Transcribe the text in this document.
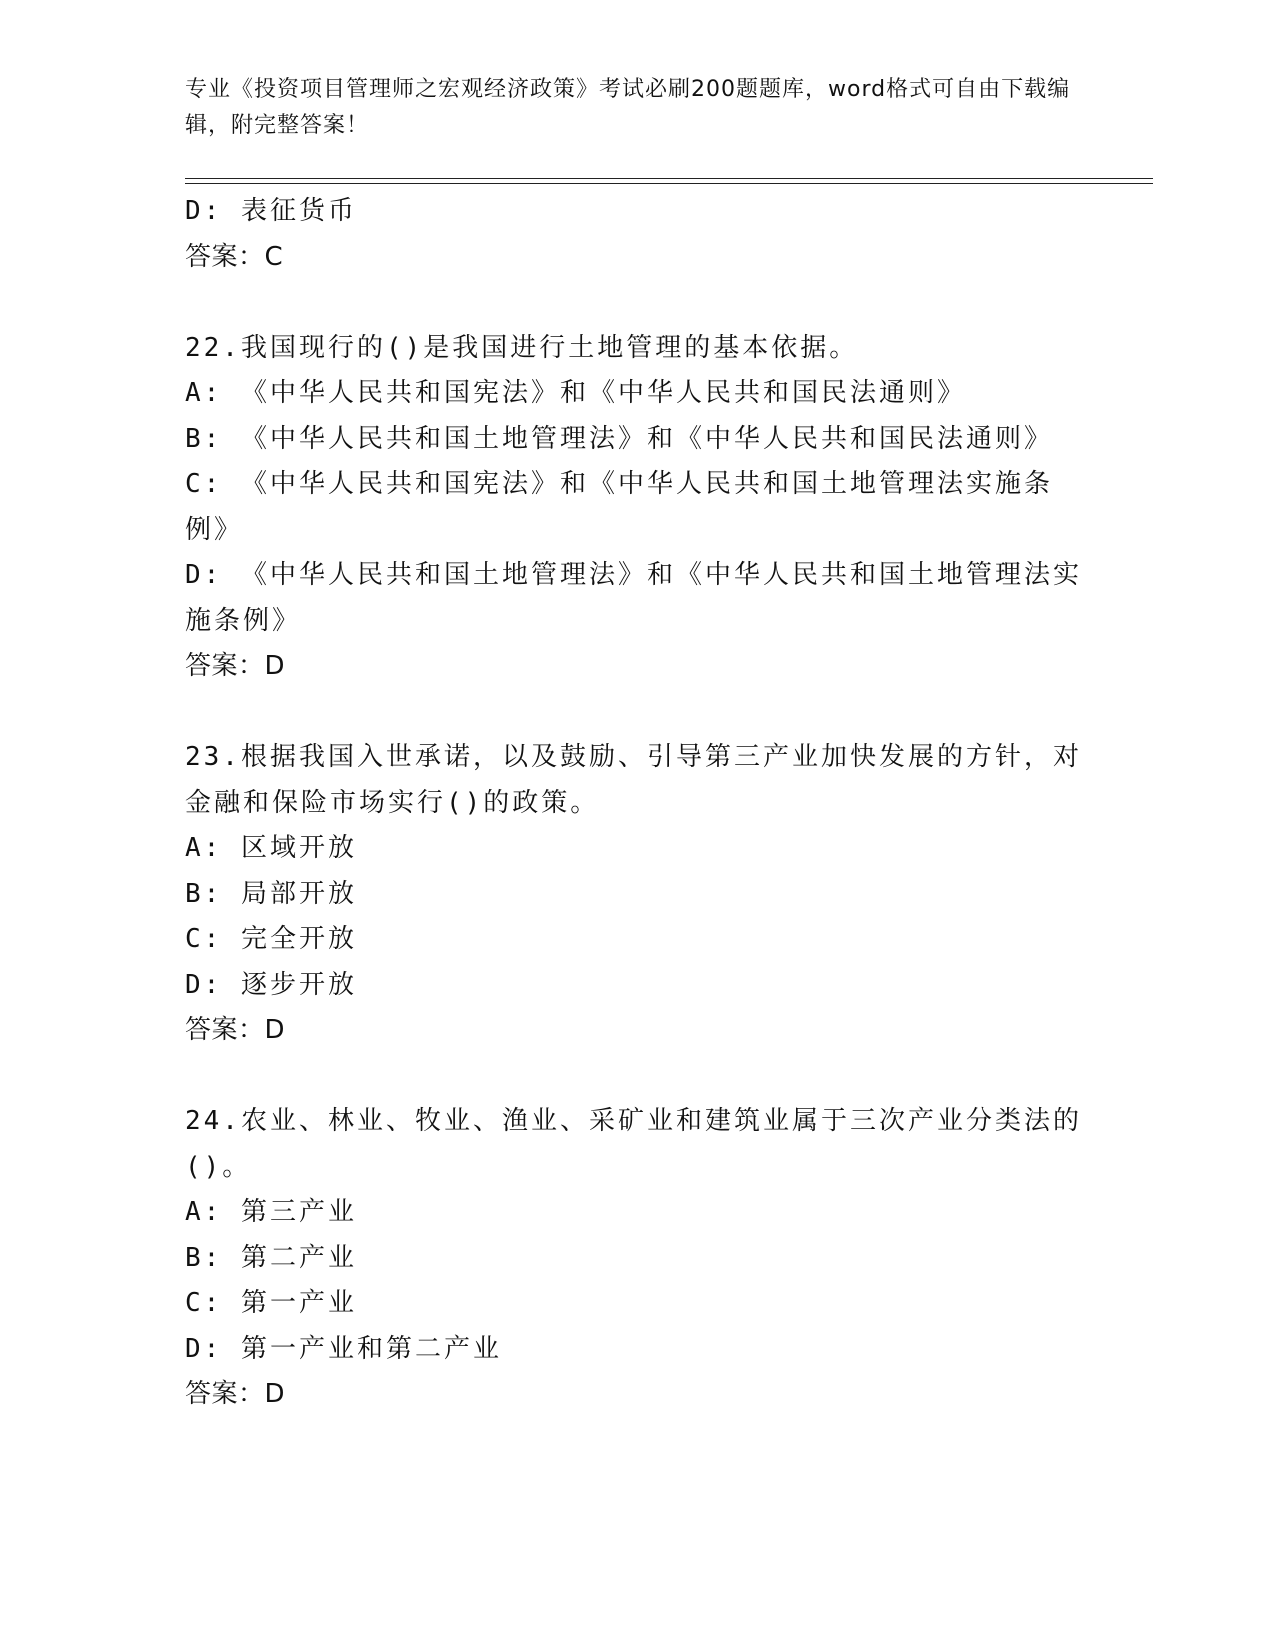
专业《投资项目管理师之宏观经济政策》考试必刷200题题库，word格式可自由下载编辑，附完整答案！
D: 表征货币
答案：C
22.我国现行的()是我国进行土地管理的基本依据。
A: 《中华人民共和国宪法》和《中华人民共和国民法通则》
B: 《中华人民共和国土地管理法》和《中华人民共和国民法通则》
C: 《中华人民共和国宪法》和《中华人民共和国土地管理法实施条例》
D: 《中华人民共和国土地管理法》和《中华人民共和国土地管理法实施条例》
答案：D
23.根据我国入世承诺，以及鼓励、引导第三产业加快发展的方针，对金融和保险市场实行()的政策。
A: 区域开放
B: 局部开放
C: 完全开放
D: 逐步开放
答案：D
24.农业、林业、牧业、渔业、采矿业和建筑业属于三次产业分类法的()。
A: 第三产业
B: 第二产业
C: 第一产业
D: 第一产业和第二产业
答案：D
